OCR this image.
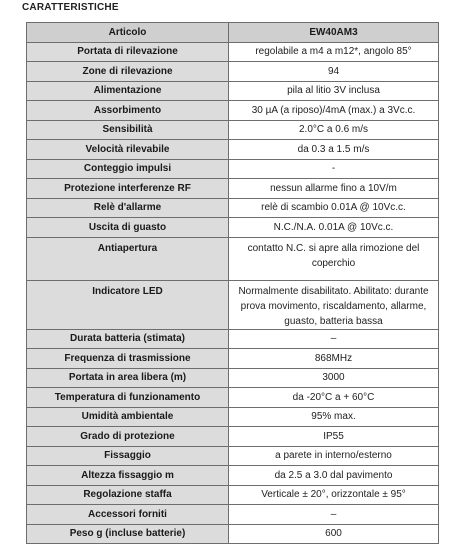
CARATTERISTICHE
Articolo	EW40AM3
Portata di rilevazione	regolabile a m4 a m12*, angolo 85°
Zone di rilevazione	94
Alimentazione	pila al litio 3V inclusa
Assorbimento	30 µA (a riposo)/4mA (max.) a 3Vc.c.
Sensibilità	2.0°C a 0.6 m/s
Velocità rilevabile	da 0.3 a 1.5 m/s
Conteggio impulsi	-
Protezione interferenze RF	nessun allarme fino a 10V/m
Relè d'allarme	relè di scambio 0.01A @ 10Vc.c.
Uscita di guasto	N.C./N.A. 0.01A @ 10Vc.c.
Antiapertura	contatto N.C. si apre alla rimozione del coperchio
Indicatore LED	Normalmente disabilitato. Abilitato: durante prova movimento, riscaldamento, allarme, guasto, batteria bassa
Durata batteria (stimata)	–
Frequenza di trasmissione	868MHz
Portata in area libera (m)	3000
Temperatura di funzionamento	da -20°C a + 60°C
Umidità ambientale	95% max.
Grado di protezione	IP55
Fissaggio	a parete in interno/esterno
Altezza fissaggio m	da 2.5 a 3.0 dal pavimento
Regolazione staffa	Verticale ± 20°, orizzontale ± 95°
Accessori forniti	–
Peso g (incluse batterie)	600
